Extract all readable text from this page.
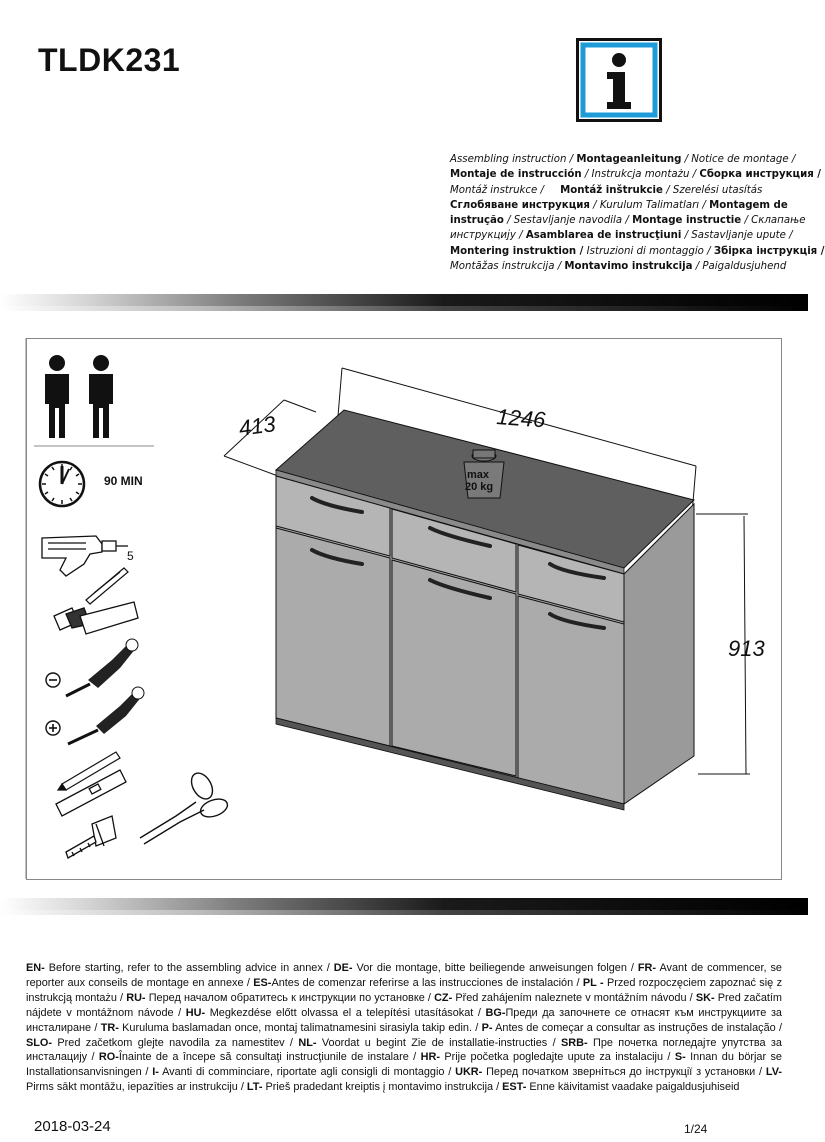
TLDK231
Assembling instruction / Montageanleitung / Notice de montage /
Montaje de instrucción / Instrukcja montażu / Сборка инструкция /
Montáž instrukce /     Montáž inštrukcie / Szerelési utasítás
Cглобяване инструкция / Kurulum Talimatları / Montagem de
instrução / Sestavljanje navodila / Montage instructie / Склапање
инструкцију / Asamblarea de instrucţiuni / Sastavljanje upute /
Montering instruktion / Istruzioni di montaggio / Збірка інструкція /
Montāžas instrukcija / Montavimo instrukcija / Paigaldusjuhend
5
max
20 kg
1246
413
913
90 MIN
EN- Before starting, refer to the assembling advice in annex / DE- Vor die montage, bitte beiliegende anweisungen folgen / FR- Avant de commencer, se reporter aux conseils de montage en annexe / ES-Antes de comenzar referirse a las instrucciones de instalación / PL - Przed rozpoczęciem zapoznać się z instrukcją montażu / RU- Перед началом обратитесь к инструкции по установке / CZ- Před zahájením naleznete v montážním návodu / SK- Pred začatím nájdete v montážnom návode / HU- Megkezdése előtt olvassa el a telepítési utasításokat / BG-Преди да започнете се отнасят към инструкциите за инсталиране / TR- Kuruluma baslamadan once, montaj talimatnamesini sirasiyla takip edin. / P- Antes de começar a consultar as instruções de instalação / SLO- Pred začetkom glejte navodila za namestitev / NL- Voordat u begint Zie de installatie-instructies / SRB- Пре почетка погледајте упутства за инсталацију / RO-Înainte de a începe să consultaţi instrucţiunile de instalare / HR- Prije početka pogledajte upute za instalaciju / S- Innan du börjar se Installationsanvisningen / I- Avanti di comminciare, riportate agli consigli di montaggio / UKR- Перед початком зверніться до інструкції з установки / LV- Pirms sākt montāžu, iepazīties ar instrukciju / LT- Prieš pradedant kreiptis į montavimo instrukcija / EST- Enne käivitamist vaadake paigaldusjuhiseid
2018-03-24	1/24
